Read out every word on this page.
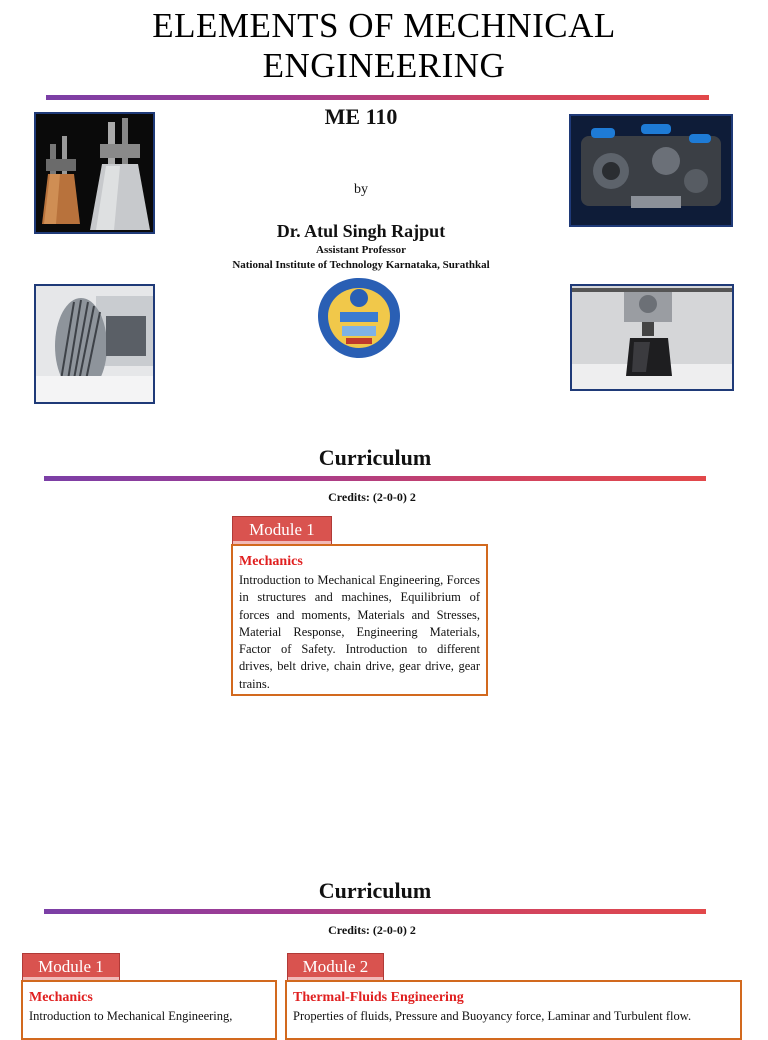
ELEMENTS OF MECHNICAL
ENGINEERING
ME 110
by
Dr. Atul Singh Rajput
Assistant Professor
National Institute of Technology Karnataka, Surathkal
Curriculum
Credits: (2-0-0) 2
Module 1
Mechanics
Introduction to Mechanical Engineering, Forces in structures and machines, Equilibrium of forces and moments, Materials and Stresses, Material Response, Engineering Materials, Factor of Safety. Introduction to different drives, belt drive, chain drive, gear drive, gear trains.
Curriculum
Credits: (2-0-0) 2
Module 1
Mechanics
Introduction to Mechanical Engineering,
Module 2
Thermal-Fluids Engineering
Properties of fluids, Pressure and Buoyancy force, Laminar and Turbulent flow.
